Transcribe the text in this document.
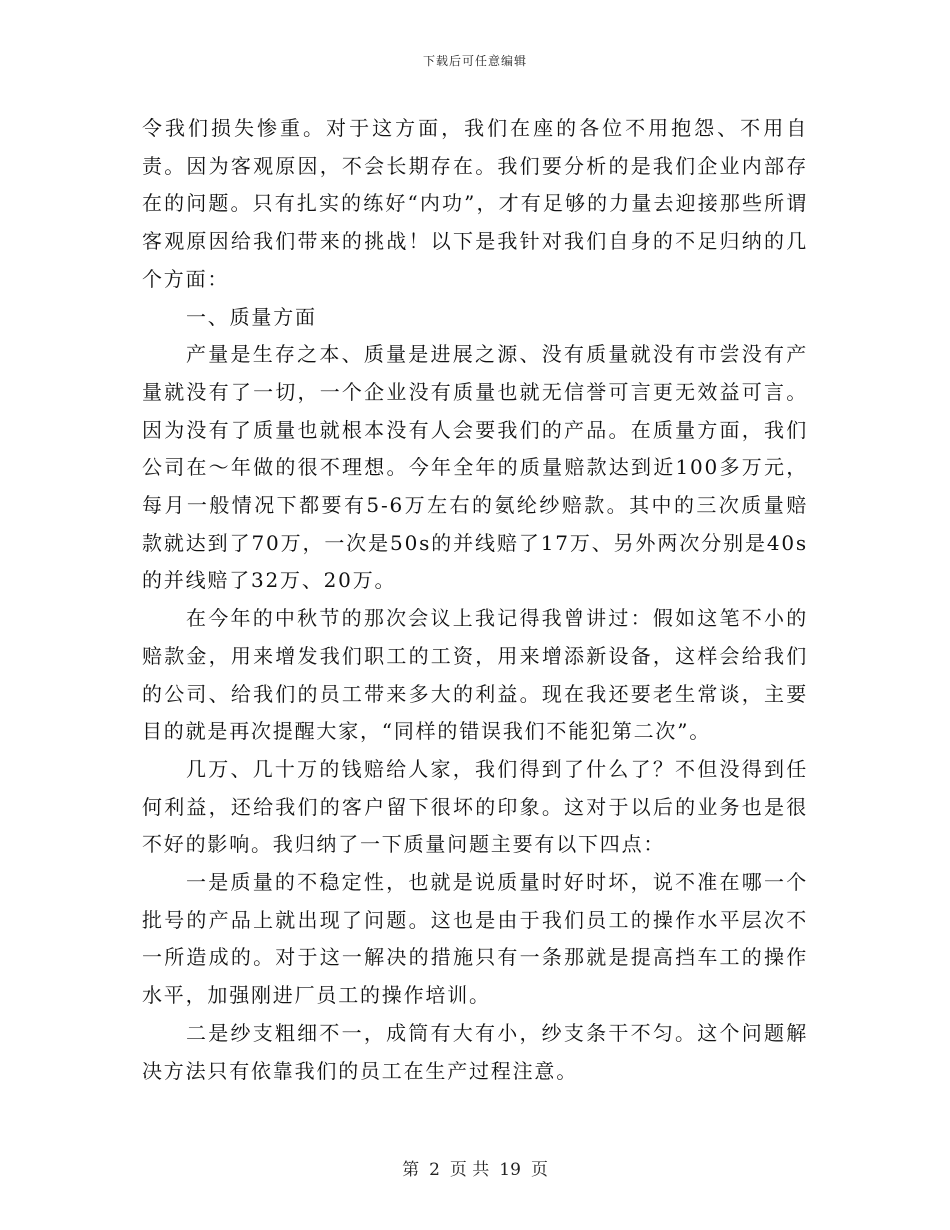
下载后可任意编辑

令我们损失惨重。对于这方面，我们在座的各位不用抱怨、不用自责。因为客观原因，不会长期存在。我们要分析的是我们企业内部存在的问题。只有扎实的练好“内功”，才有足够的力量去迎接那些所谓客观原因给我们带来的挑战！以下是我针对我们自身的不足归纳的几个方面：

一、质量方面

产量是生存之本、质量是进展之源、没有质量就没有市尝没有产量就没有了一切，一个企业没有质量也就无信誉可言更无效益可言。因为没有了质量也就根本没有人会要我们的产品。在质量方面，我们公司在～年做的很不理想。今年全年的质量赔款达到近100多万元，每月一般情况下都要有5-6万左右的氨纶纱赔款。其中的三次质量赔款就达到了70万，一次是50s的并线赔了17万、另外两次分别是40s的并线赔了32万、20万。

在今年的中秋节的那次会议上我记得我曾讲过：假如这笔不小的赔款金，用来增发我们职工的工资，用来增添新设备，这样会给我们的公司、给我们的员工带来多大的利益。现在我还要老生常谈，主要目的就是再次提醒大家，“同样的错误我们不能犯第二次”。

几万、几十万的钱赔给人家，我们得到了什么了？不但没得到任何利益，还给我们的客户留下很坏的印象。这对于以后的业务也是很不好的影响。我归纳了一下质量问题主要有以下四点：

一是质量的不稳定性，也就是说质量时好时坏，说不准在哪一个批号的产品上就出现了问题。这也是由于我们员工的操作水平层次不一所造成的。对于这一解决的措施只有一条那就是提高挡车工的操作水平，加强刚进厂员工的操作培训。

二是纱支粗细不一，成筒有大有小，纱支条干不匀。这个问题解决方法只有依靠我们的员工在生产过程注意。

第 2 页 共 19 页
